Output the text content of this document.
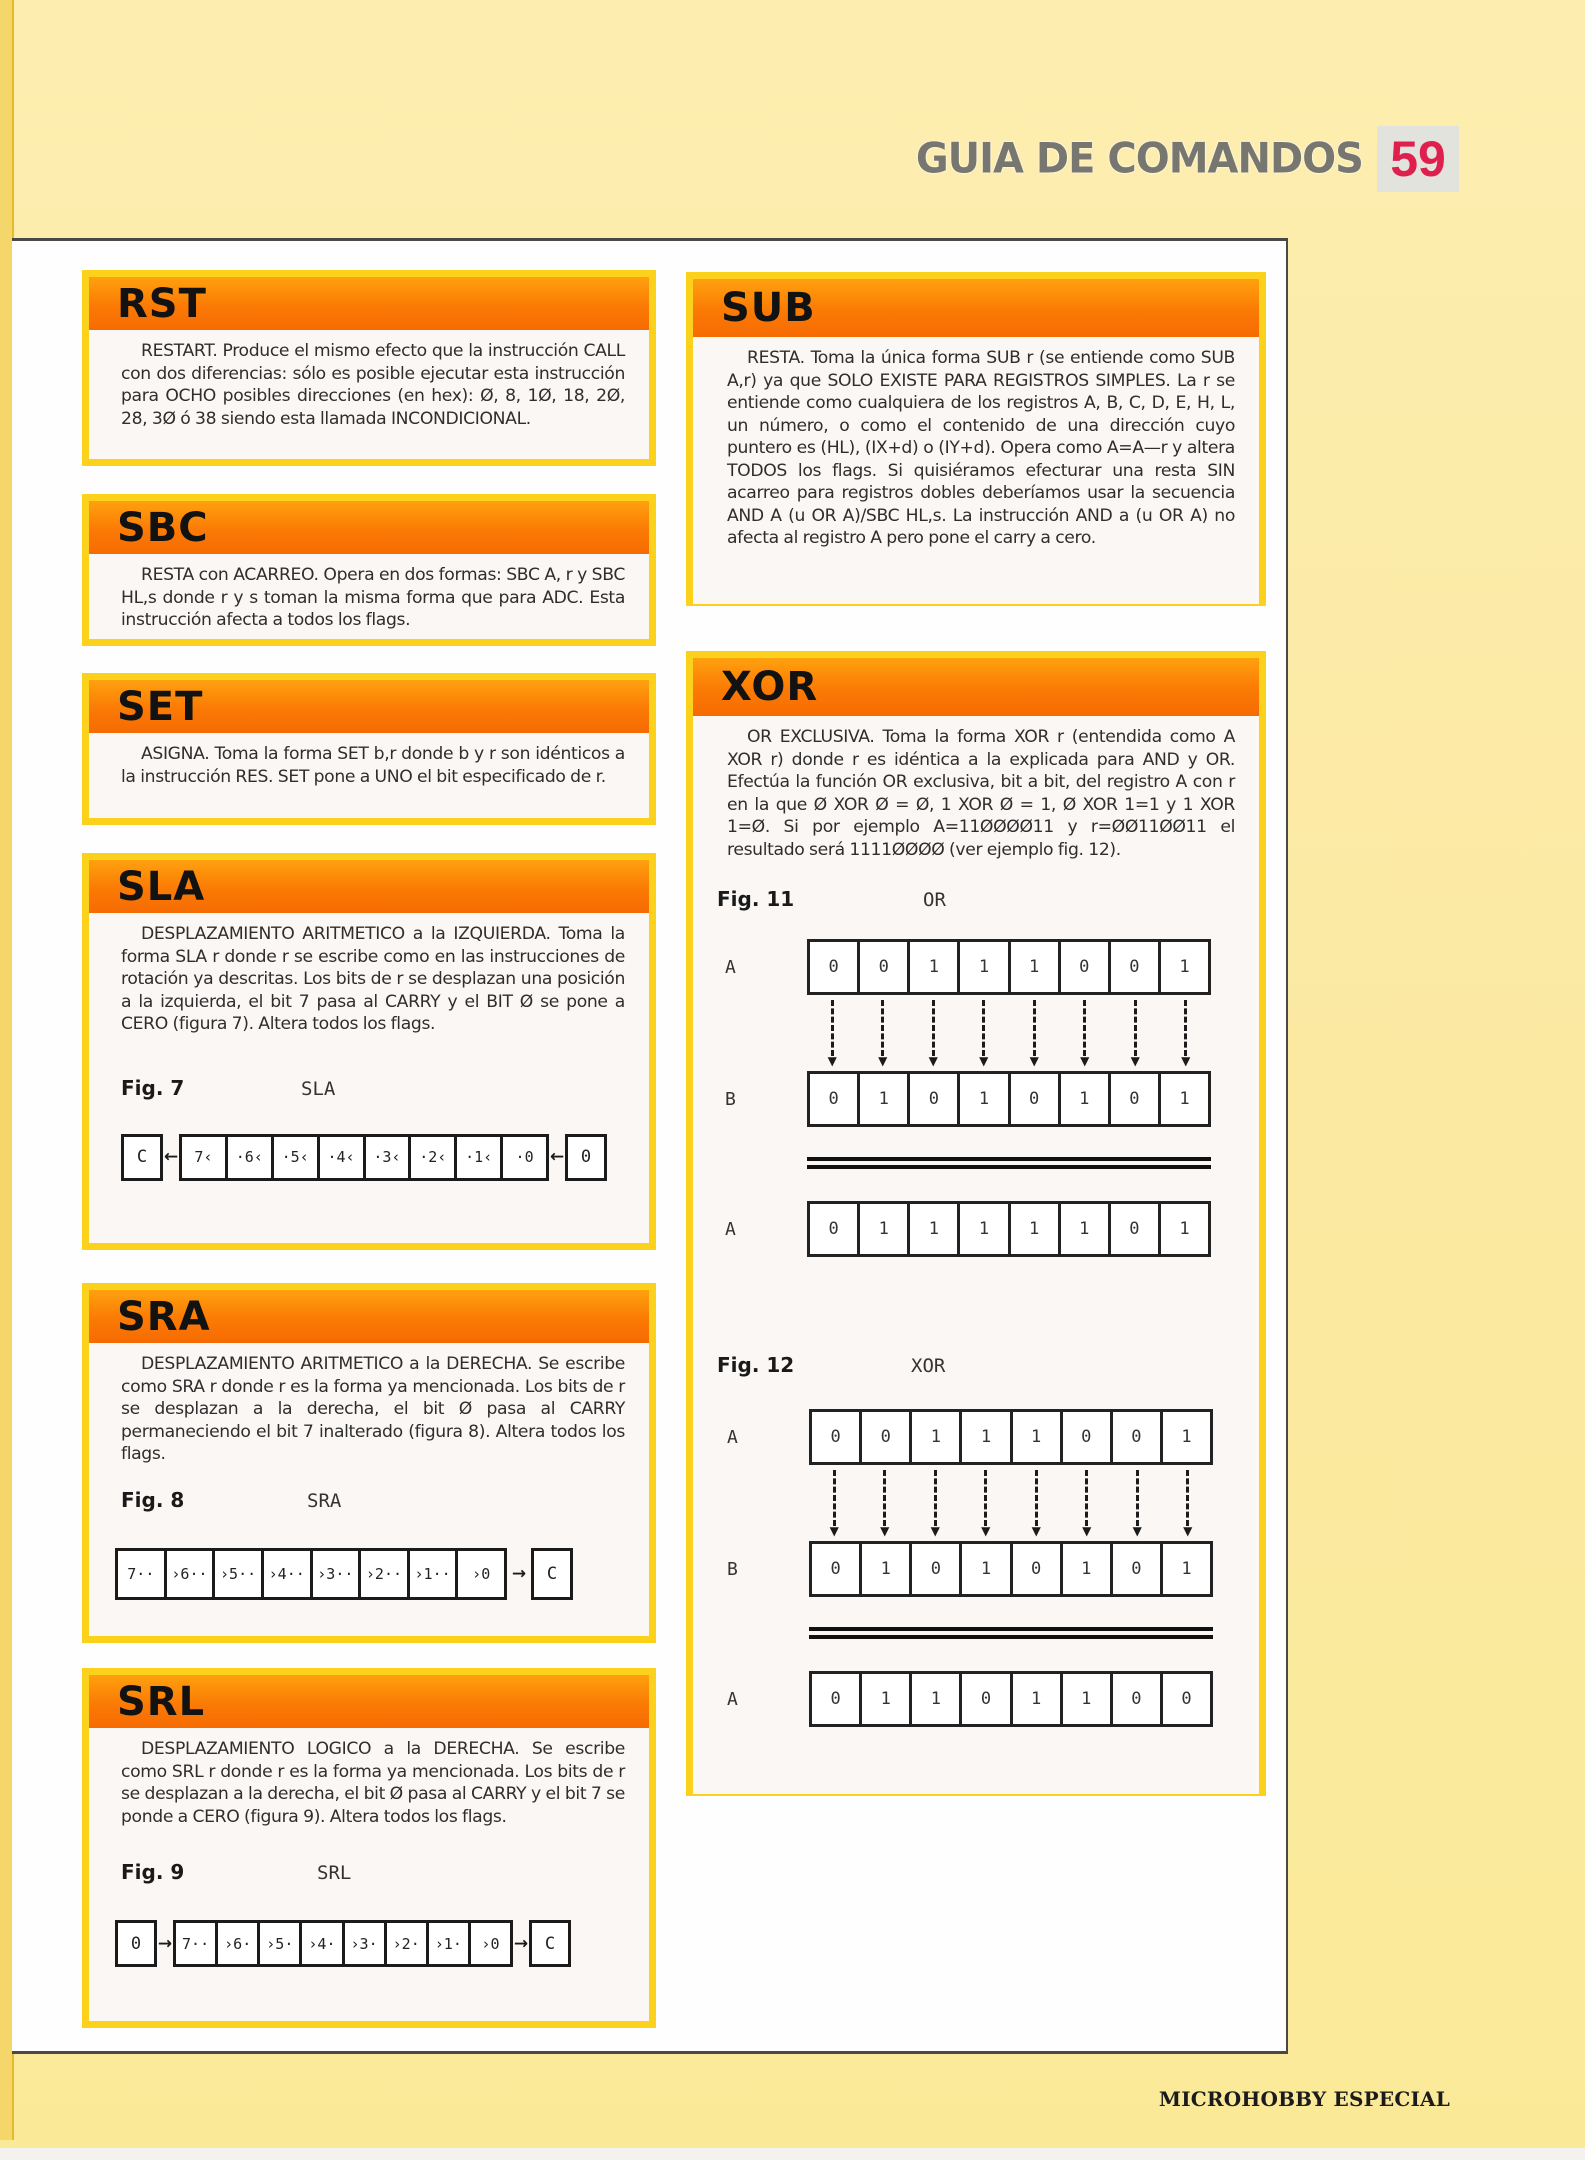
GUIA DE COMANDOS 59
RST

RESTART. Produce el mismo efecto que la instrucción CALL con dos diferencias: sólo es posible ejecutar esta instrucción para OCHO posibles direcciones (en hex): Ø, 8, 1Ø, 18, 2Ø, 28, 3Ø ó 38 siendo esta llamada INCONDICIONAL.

SBC

RESTA con ACARREO. Opera en dos formas: SBC A, r y SBC HL,s donde r y s toman la misma forma que para ADC. Esta instrucción afecta a todos los flags.

SET

ASIGNA. Toma la forma SET b,r donde b y r son idénticos a la instrucción RES. SET pone a UNO el bit especificado de r.

SLA

DESPLAZAMIENTO ARITMETICO a la IZQUIERDA. Toma la forma SLA r donde r se escribe como en las instrucciones de rotación ya descritas. Los bits de r se desplazan una posición a la izquierda, el bit 7 pasa al CARRY y el BIT Ø se pone a CERO (figura 7). Altera todos los flags.

Fig. 7	SLA
C ← 7 ‹	· 6 ‹	· 5 ‹	· 4 ‹	· 3 ‹	· 2 ‹	· 1 ‹	· 0 ← 0
SRA

DESPLAZAMIENTO ARITMETICO a la DERECHA. Se escribe como SRA r donde r es la forma ya mencionada. Los bits de r se desplazan a la derecha, el bit Ø pasa al CARRY permaneciendo el bit 7 inalterado (figura 8). Altera todos los flags.

Fig. 8	SRA
7 ··	› 6 ·· › 5 ·· › 4 ·· › 3 ·· › 2 ·· › 1 ··	› 0 →	C
SRL

DESPLAZAMIENTO LOGICO a la DERECHA. Se escribe como SRL r donde r es la forma ya mencionada. Los bits de r se desplazan a la derecha, el bit Ø pasa al CARRY y el bit 7 se ponde a CERO (figura 9). Altera todos los flags.

Fig. 9	SRL
0 → 7 ··	› 6 ·	› 5 ·	› 4 ·	› 3 ·	› 2 ·	› 1 ·	› 0 → C
SUB

RESTA. Toma la única forma SUB r (se entiende como SUB A,r) ya que SOLO EXISTE PARA REGISTROS SIMPLES. La r se entiende como cualquiera de los registros A, B, C, D, E, H, L, un número, o como el contenido de una dirección cuyo puntero es (HL), (IX+d) o (IY+d). Opera como A=A—r y altera TODOS los flags. Si quisiéramos efecturar una resta SIN acarreo para registros dobles deberíamos usar la secuencia AND A (u OR A)/SBC HL,s. La instrucción AND a (u OR A) no afecta al registro A pero pone el carry a cero.

XOR

OR EXCLUSIVA. Toma la forma XOR r (entendida como A XOR r) donde r es idéntica a la explicada para AND y OR. Efectúa la función OR exclusiva, bit a bit, del registro A con r en la que Ø XOR Ø = Ø, 1 XOR Ø = 1, Ø XOR 1=1 y 1 XOR 1=Ø. Si por ejemplo A=11ØØØØ11 y r=ØØ11ØØ11 el resultado será 1111ØØØØ (ver ejemplo fig. 12).

Fig. 11	OR
A	0	0	1	1	1	0	0	1
▼	▼	▼	▼	▼	▼	▼	▼
B	0	1	0	1	0	1	0	1
A	0	1	1	1	1	1	0	1
Fig. 12	XOR
A	0	0	1	1	1	0	0	1
▼	▼	▼	▼	▼	▼	▼	▼
B	0	1	0	1	0	1	0	1
A	0	1	1	0	1	1	0	0
MICROHOBBY ESPECIAL
